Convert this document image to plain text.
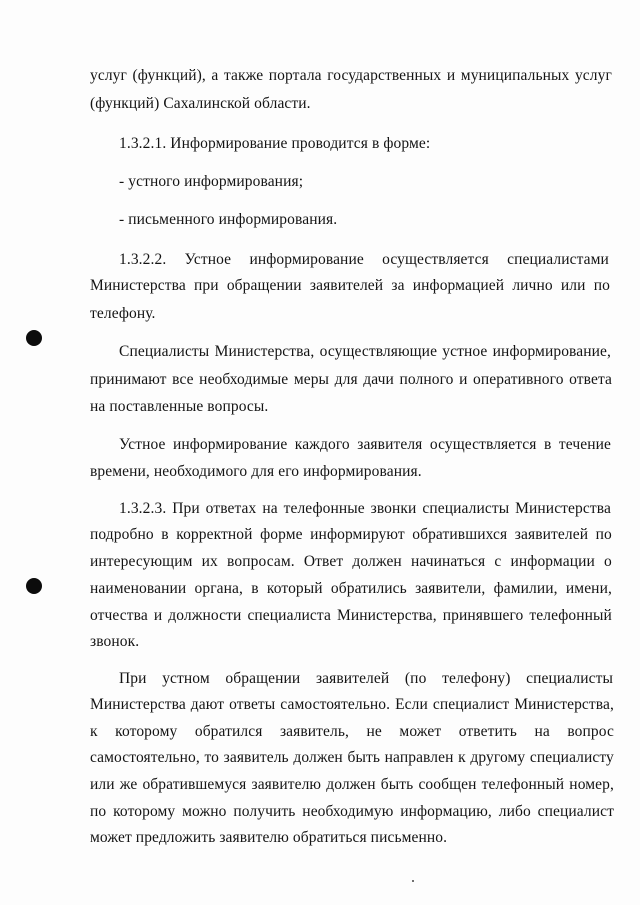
услуг (функций), а также портала государственных и муниципальных услуг
(функций) Сахалинской области.
1.3.2.1. Информирование проводится в форме:
- устного информирования;
- письменного информирования.
1.3.2.2. Устное информирование осуществляется специалистами
Министерства при обращении заявителей за информацией лично или по
телефону.
Специалисты Министерства, осуществляющие устное информирование,
принимают все необходимые меры для дачи полного и оперативного ответа
на поставленные вопросы.
Устное информирование каждого заявителя осуществляется в течение
времени, необходимого для его информирования.
1.3.2.3. При ответах на телефонные звонки специалисты Министерства
подробно в корректной форме информируют обратившихся заявителей по
интересующим их вопросам. Ответ должен начинаться с информации о
наименовании органа, в который обратились заявители, фамилии, имени,
отчества и должности специалиста Министерства, принявшего телефонный
звонок.
При устном обращении заявителей (по телефону) специалисты
Министерства дают ответы самостоятельно. Если специалист Министерства,
к которому обратился заявитель, не может ответить на вопрос
самостоятельно, то заявитель должен быть направлен к другому специалисту
или же обратившемуся заявителю должен быть сообщен телефонный номер,
по которому можно получить необходимую информацию, либо специалист
может предложить заявителю обратиться письменно.
